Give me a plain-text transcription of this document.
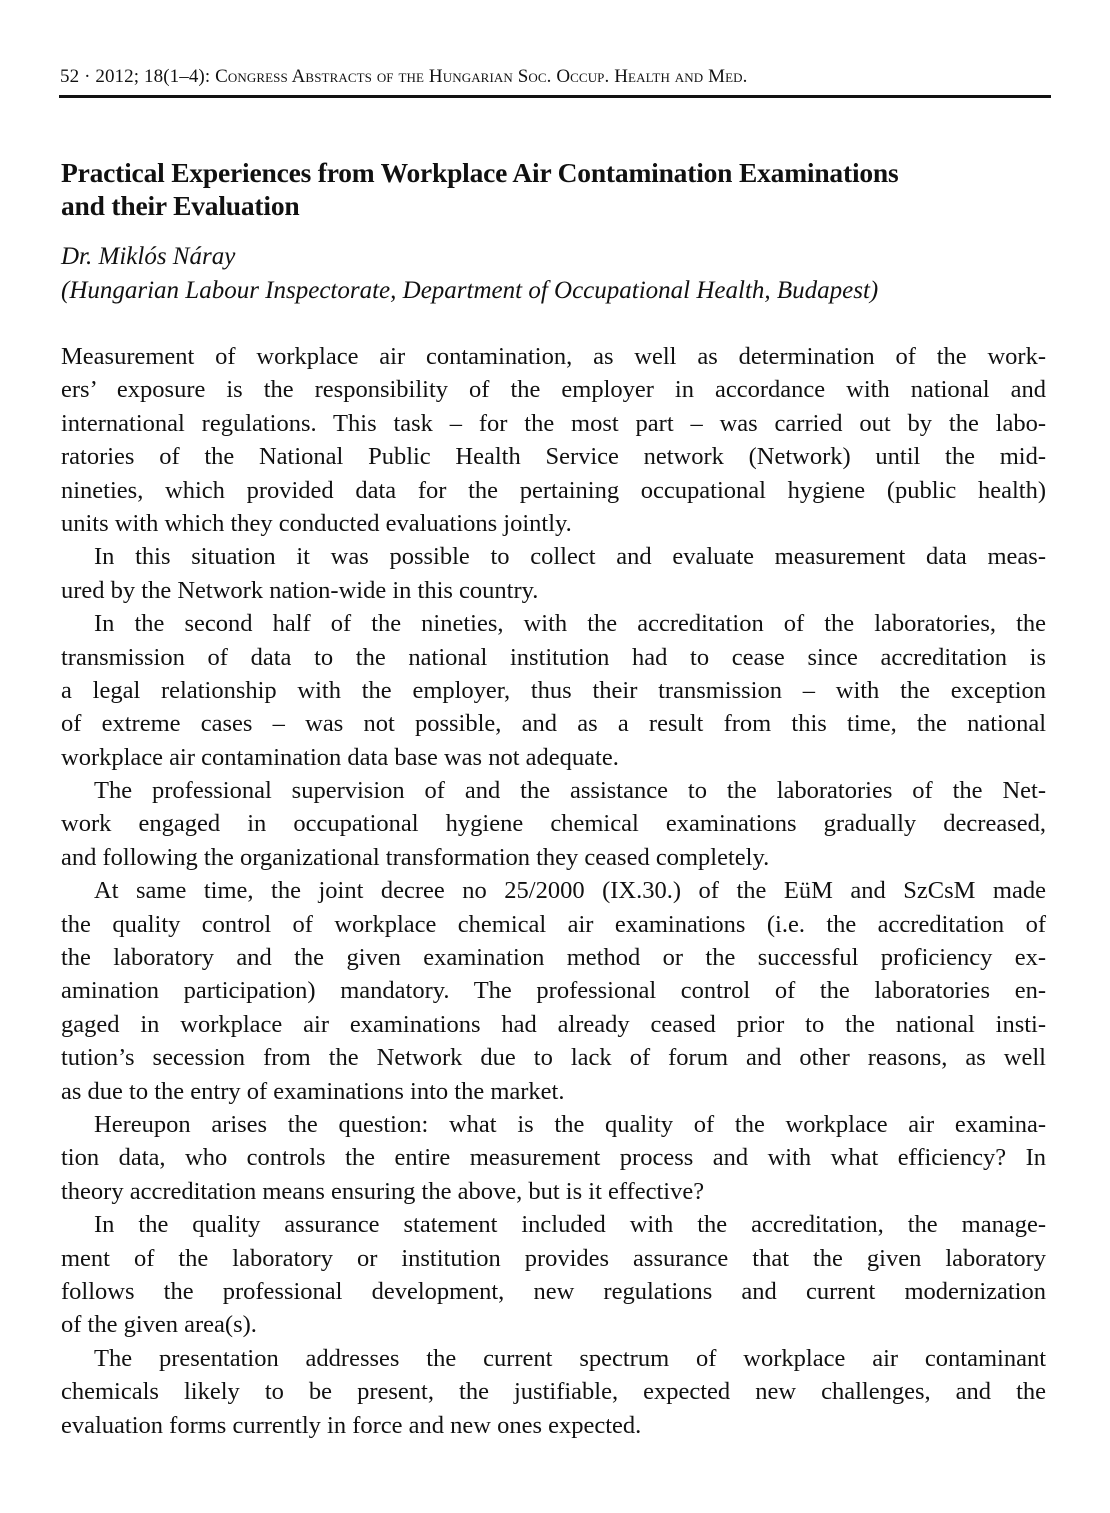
52 · 2012; 18(1–4): Congress Abstracts of the Hungarian Soc. Occup. Health and Med.
Practical Experiences from Workplace Air Contamination Examinations
and their Evaluation
Dr. Miklós Náray
(Hungarian Labour Inspectorate, Department of Occupational Health, Budapest)
Measurement of workplace air contamination, as well as determination of the work-
ers’ exposure is the responsibility of the employer in accordance with national and
international regulations. This task – for the most part – was carried out by the labo-
ratories of the National Public Health Service network (Network) until the mid-
nineties, which provided data for the pertaining occupational hygiene (public health)
units with which they conducted evaluations jointly.
In this situation it was possible to collect and evaluate measurement data meas-
ured by the Network nation-wide in this country.
In the second half of the nineties, with the accreditation of the laboratories, the
transmission of data to the national institution had to cease since accreditation is
a legal relationship with the employer, thus their transmission – with the exception
of extreme cases – was not possible, and as a result from this time, the national
workplace air contamination data base was not adequate.
The professional supervision of and the assistance to the laboratories of the Net-
work engaged in occupational hygiene chemical examinations gradually decreased,
and following the organizational transformation they ceased completely.
At same time, the joint decree no 25/2000 (IX.30.) of the EüM and SzCsM made
the quality control of workplace chemical air examinations (i.e. the accreditation of
the laboratory and the given examination method or the successful proficiency ex-
amination participation) mandatory. The professional control of the laboratories en-
gaged in workplace air examinations had already ceased prior to the national insti-
tution’s secession from the Network due to lack of forum and other reasons, as well
as due to the entry of examinations into the market.
Hereupon arises the question: what is the quality of the workplace air examina-
tion data, who controls the entire measurement process and with what efficiency? In
theory accreditation means ensuring the above, but is it effective?
In the quality assurance statement included with the accreditation, the manage-
ment of the laboratory or institution provides assurance that the given laboratory
follows the professional development, new regulations and current modernization
of the given area(s).
The presentation addresses the current spectrum of workplace air contaminant
chemicals likely to be present, the justifiable, expected new challenges, and the
evaluation forms currently in force and new ones expected.
